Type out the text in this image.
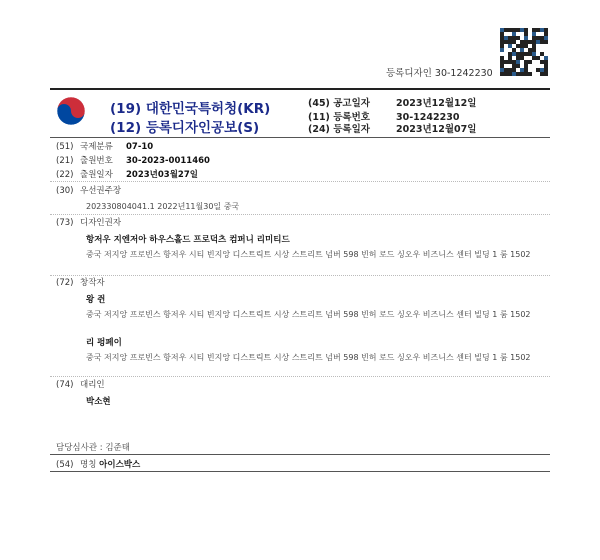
등록디자인 30-1242230
(19) 대한민국특허청(KR)
(12) 등록디자인공보(S)
(45) 공고일자	2023년12월12일
(11) 등록번호	30-1242230
(24) 등록일자	2023년12월07일
(51) 국제분류 07-10
(21) 출원번호 30-2023-0011460
(22) 출원일자 2023년03월27일
(30) 우선권주장
202330804041.1 2022년11월30일 중국
(73) 디자인권자
항저우 지엔저아 하우스홀드 프로덕츠 컴퍼니 리미티드
중국 저지앙 프로빈스 항저우 시티 빈지앙 디스트릭트 시상 스트리트 넘버 598 빈허 로드 싱오우 비즈니스 센터 빌딩 1 룸 1502
(72) 창작자
왕 쥔
중국 저지앙 프로빈스 항저우 시티 빈지앙 디스트릭트 시상 스트리트 넘버 598 빈허 로드 싱오우 비즈니스 센터 빌딩 1 룸 1502
리 펑페이
중국 저지앙 프로빈스 항저우 시티 빈지앙 디스트릭트 시상 스트리트 넘버 598 빈허 로드 싱오우 비즈니스 센터 빌딩 1 룸 1502
(74) 대리인
박소현
담당심사관 : 김준태
(54) 명칭 아이스박스
